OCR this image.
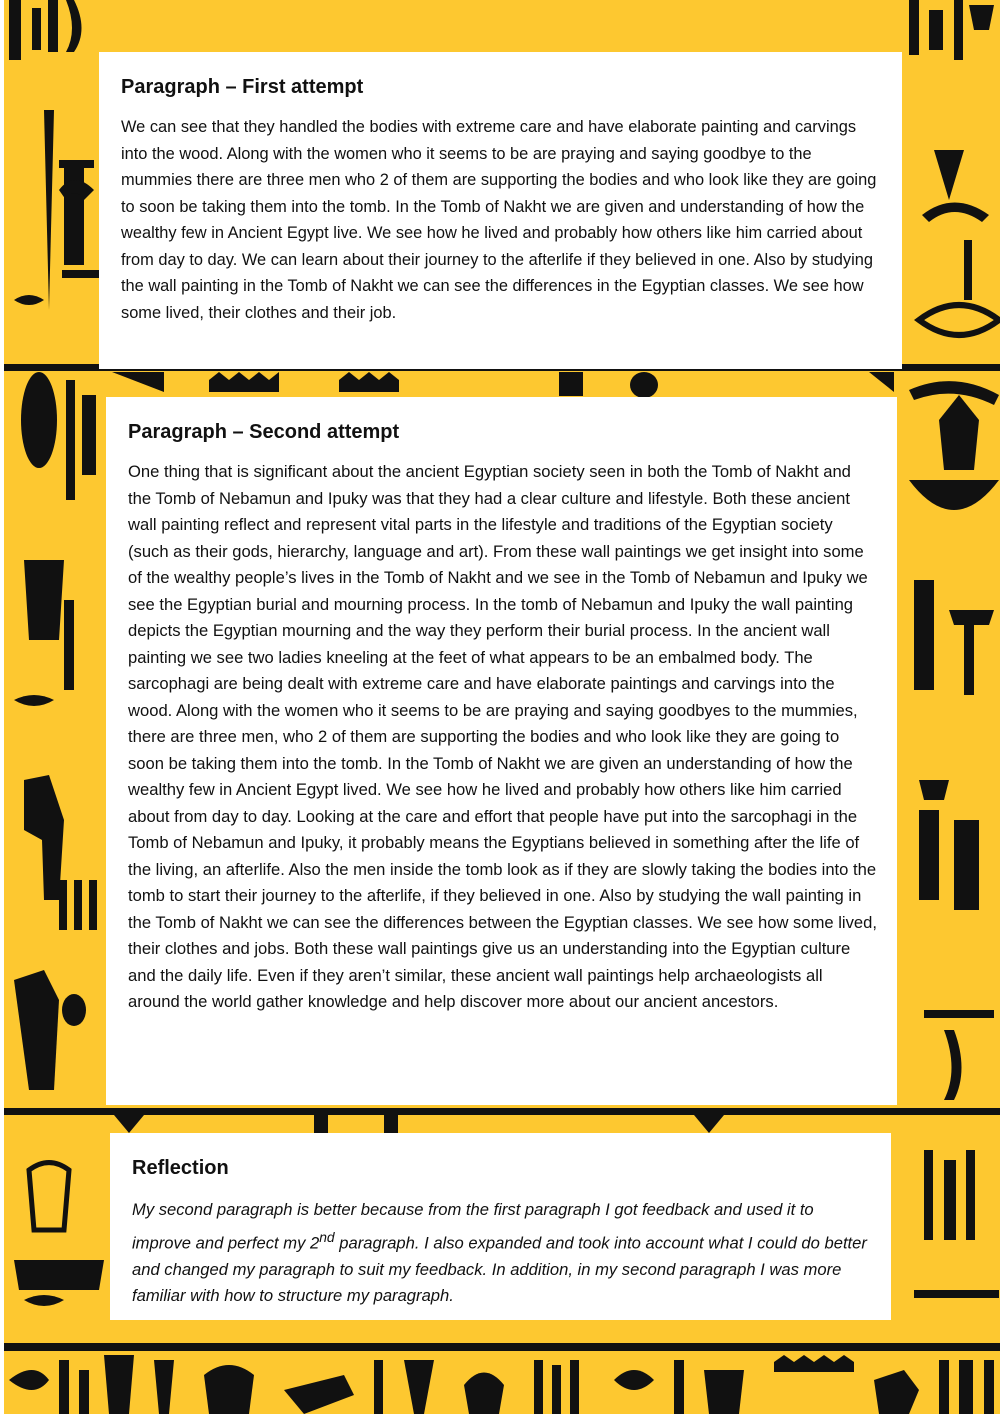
Paragraph – First attempt

We can see that they handled the bodies with extreme care and have elaborate painting and carvings into the wood. Along with the women who it seems to be are praying and saying goodbye to the mummies there are three men who 2 of them are supporting the bodies and who look like they are going to soon be taking them into the tomb. In the Tomb of Nakht we are given and understanding of how the wealthy few in Ancient Egypt live. We see how he lived and probably how others like him carried about from day to day. We can learn about their journey to the afterlife if they believed in one. Also by studying the wall painting in the Tomb of Nakht we can see the differences in the Egyptian classes. We see how some lived, their clothes and their job.

Paragraph – Second attempt

One thing that is significant about the ancient Egyptian society seen in both the Tomb of Nakht and the Tomb of Nebamun and Ipuky was that they had a clear culture and lifestyle. Both these ancient wall painting reflect and represent vital parts in the lifestyle and traditions of the Egyptian society (such as their gods, hierarchy, language and art). From these wall paintings we get insight into some of the wealthy people’s lives in the Tomb of Nakht and we see in the Tomb of Nebamun and Ipuky we see the Egyptian burial and mourning process. In the tomb of Nebamun and Ipuky the wall painting depicts the Egyptian mourning and the way they perform their burial process. In the ancient wall painting we see two ladies kneeling at the feet of what appears to be an embalmed body. The sarcophagi are being dealt with extreme care and have elaborate paintings and carvings into the wood. Along with the women who it seems to be are praying and saying goodbyes to the mummies, there are three men, who 2 of them are supporting the bodies and who look like they are going to soon be taking them into the tomb. In the Tomb of Nakht we are given an understanding of how the wealthy few in Ancient Egypt lived. We see how he lived and probably how others like him carried about from day to day. Looking at the care and effort that people have put into the sarcophagi in the Tomb of Nebamun and Ipuky, it probably means the Egyptians believed in something after the life of the living, an afterlife. Also the men inside the tomb look as if they are slowly taking the bodies into the tomb to start their journey to the afterlife, if they believed in one. Also by studying the wall painting in the Tomb of Nakht we can see the differences between the Egyptian classes. We see how some lived, their clothes and jobs. Both these wall paintings give us an understanding into the Egyptian culture and the daily life. Even if they aren’t similar, these ancient wall paintings help archaeologists all around the world gather knowledge and help discover more about our ancient ancestors.

Reflection

My second paragraph is better because from the first paragraph I got feedback and used it to improve and perfect my 2nd paragraph. I also expanded and took into account what I could do better and changed my paragraph to suit my feedback. In addition, in my second paragraph I was more familiar with how to structure my paragraph.
